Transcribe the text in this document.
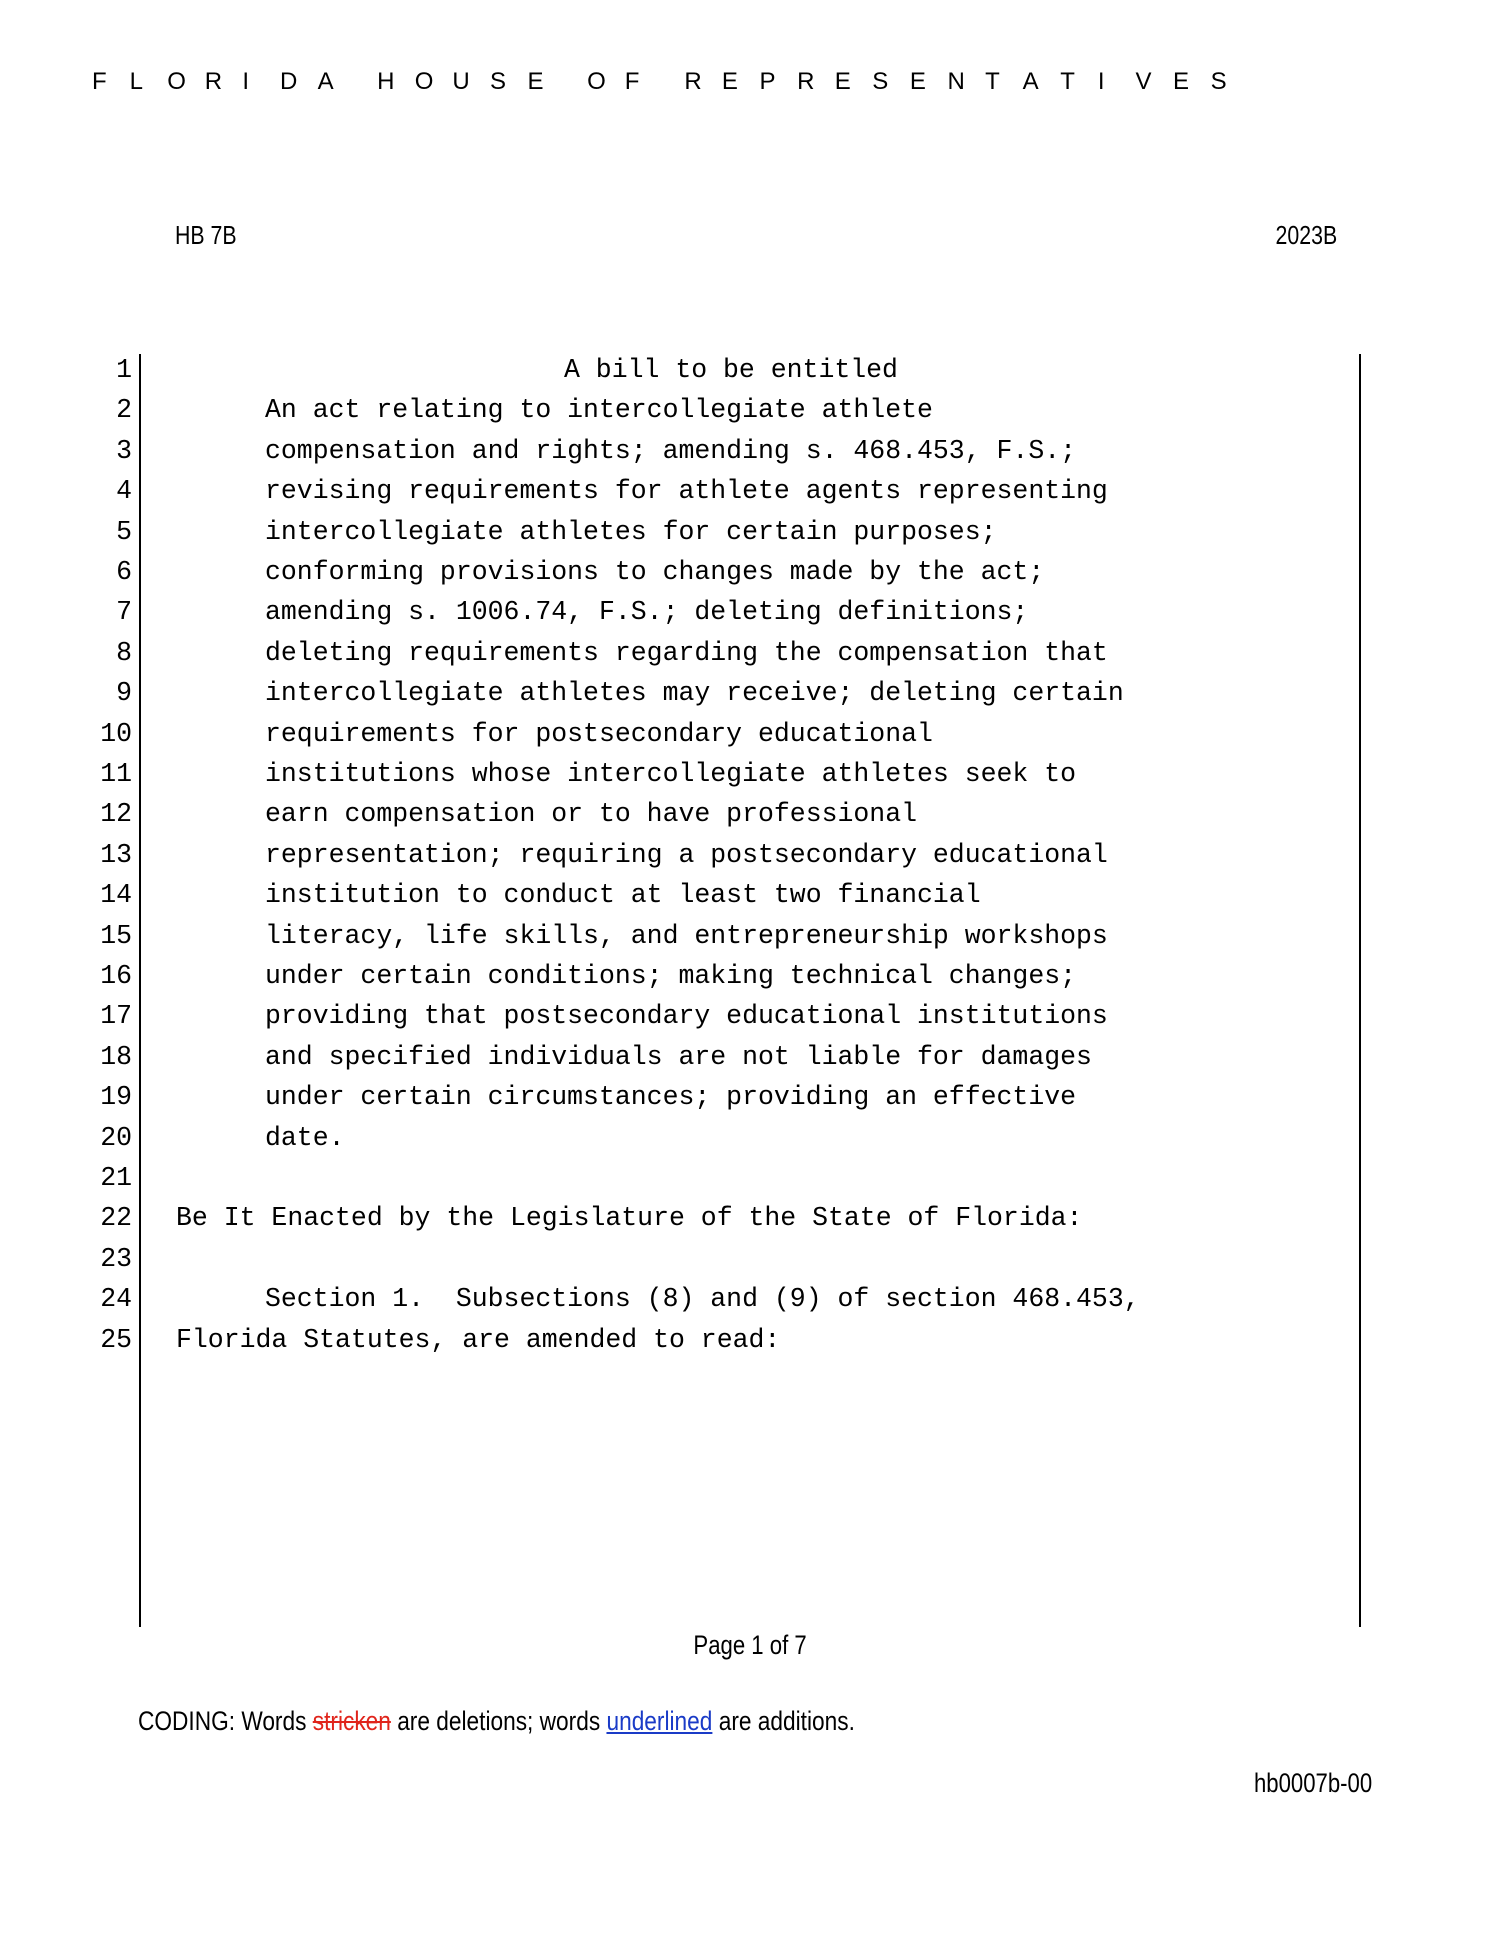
F L O R I D A H O U S E O F R E P R E S E N T A T I V E S
HB 7B	2023B
1	A bill to be entitled
2	An act relating to intercollegiate athlete
3	compensation and rights; amending s. 468.453, F.S.;
4	revising requirements for athlete agents representing
5	intercollegiate athletes for certain purposes;
6	conforming provisions to changes made by the act;
7	amending s. 1006.74, F.S.; deleting definitions;
8	deleting requirements regarding the compensation that
9	intercollegiate athletes may receive; deleting certain
10	requirements for postsecondary educational
11	institutions whose intercollegiate athletes seek to
12	earn compensation or to have professional
13	representation; requiring a postsecondary educational
14	institution to conduct at least two financial
15	literacy, life skills, and entrepreneurship workshops
16	under certain conditions; making technical changes;
17	providing that postsecondary educational institutions
18	and specified individuals are not liable for damages
19	under certain circumstances; providing an effective
20	date.
21
22 Be It Enacted by the Legislature of the State of Florida:
23
24	Section 1.  Subsections (8) and (9) of section 468.453,
25 Florida Statutes, are amended to read:
Page 1 of 7
CODING: Words stricken are deletions; words underlined are additions.
hb0007b-00
